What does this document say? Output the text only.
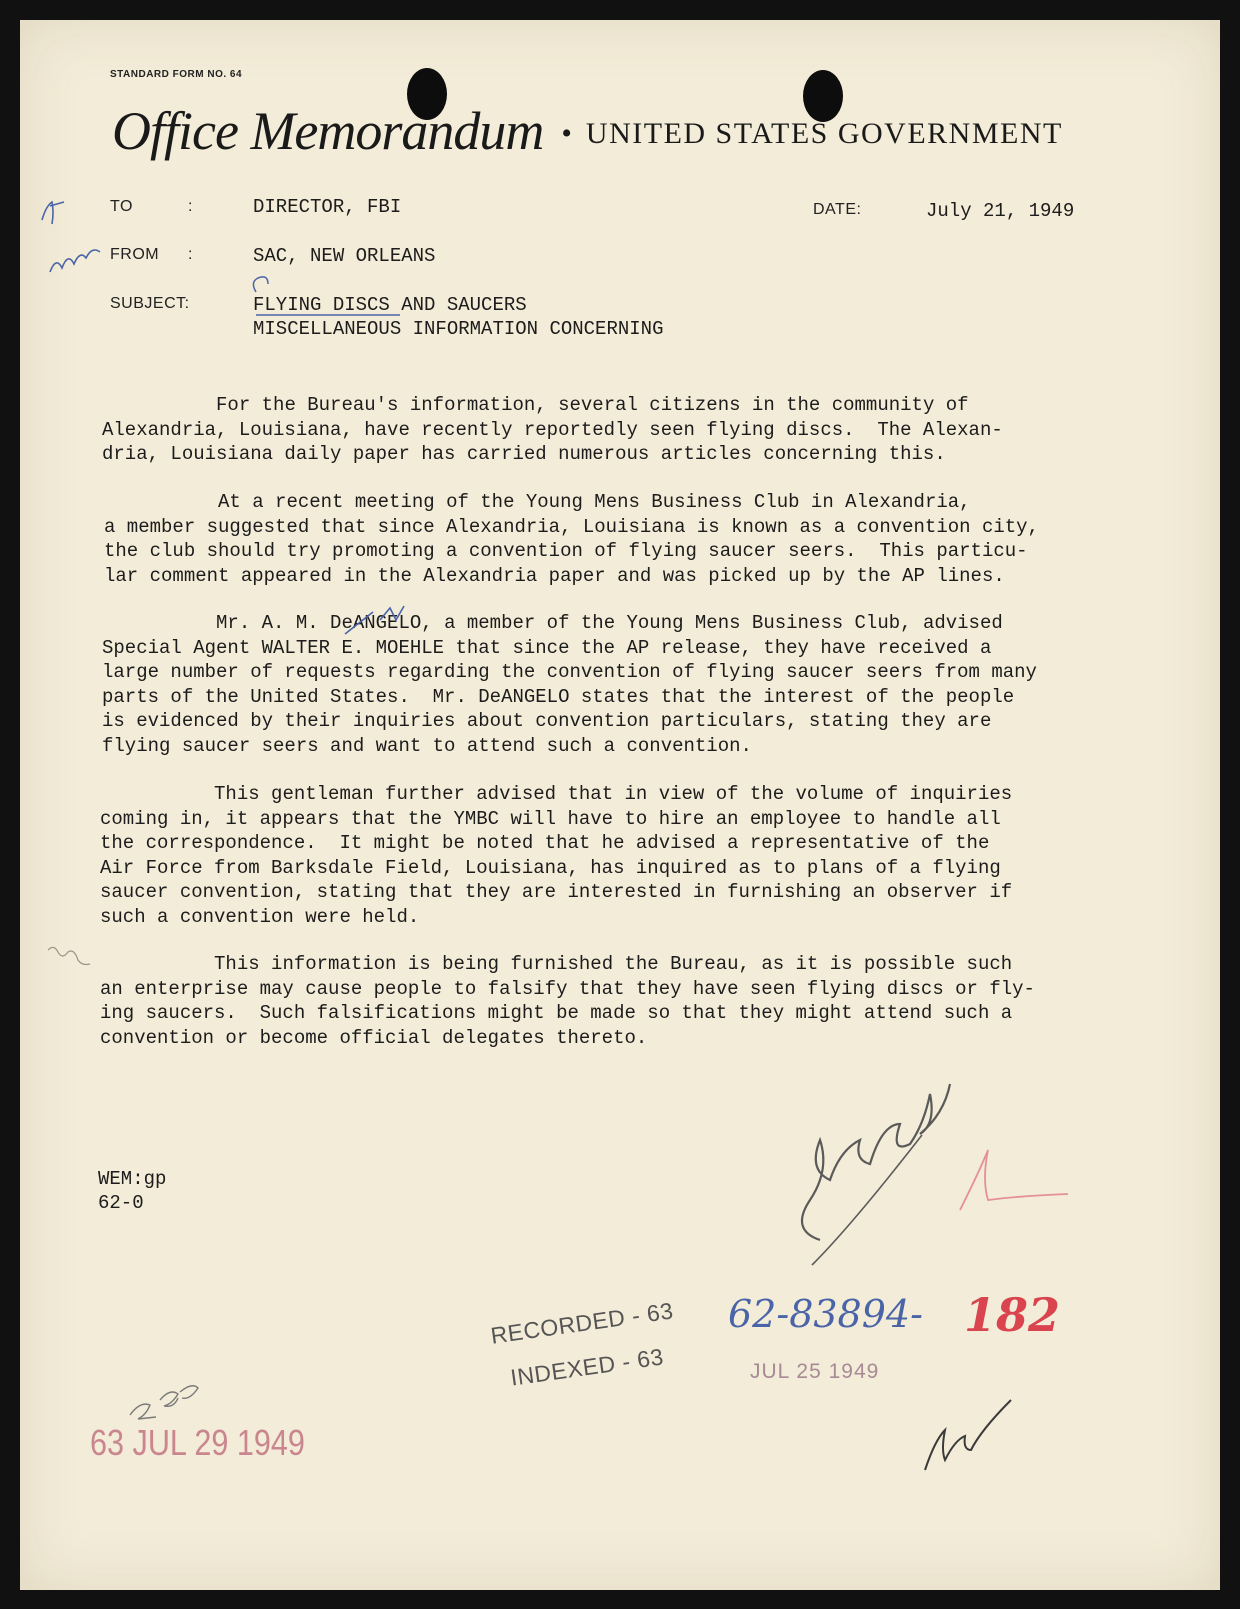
STANDARD FORM NO. 64
Office Memorandum • UNITED STATES GOVERNMENT
TO	:	DIRECTOR, FBI	DATE:	July 21, 1949
FROM :	SAC, NEW ORLEANS
SUBJECT:	FLYING DISCS AND SAUCERS
MISCELLANEOUS INFORMATION CONCERNING

For the Bureau's information, several citizens in the community of
Alexandria, Louisiana, have recently reportedly seen flying discs.  The Alexan-
dria, Louisiana daily paper has carried numerous articles concerning this.

At a recent meeting of the Young Mens Business Club in Alexandria,
a member suggested that since Alexandria, Louisiana is known as a convention city,
the club should try promoting a convention of flying saucer seers.  This particu-
lar comment appeared in the Alexandria paper and was picked up by the AP lines.

Mr. A. M. DeANGELO, a member of the Young Mens Business Club, advised
Special Agent WALTER E. MOEHLE that since the AP release, they have received a
large number of requests regarding the convention of flying saucer seers from many
parts of the United States.  Mr. DeANGELO states that the interest of the people
is evidenced by their inquiries about convention particulars, stating they are
flying saucer seers and want to attend such a convention.

This gentleman further advised that in view of the volume of inquiries
coming in, it appears that the YMBC will have to hire an employee to handle all
the correspondence.  It might be noted that he advised a representative of the
Air Force from Barksdale Field, Louisiana, has inquired as to plans of a flying
saucer convention, stating that they are interested in furnishing an observer if
such a convention were held.

This information is being furnished the Bureau, as it is possible such
an enterprise may cause people to falsify that they have seen flying discs or fly-
ing saucers.  Such falsifications might be made so that they might attend such a
convention or become official delegates thereto.

WEM:gp
62-0
​
RECORDED - 63
INDEXED - 63
62-83894- 182
JUL 25 1949
63 JUL 29 1949
